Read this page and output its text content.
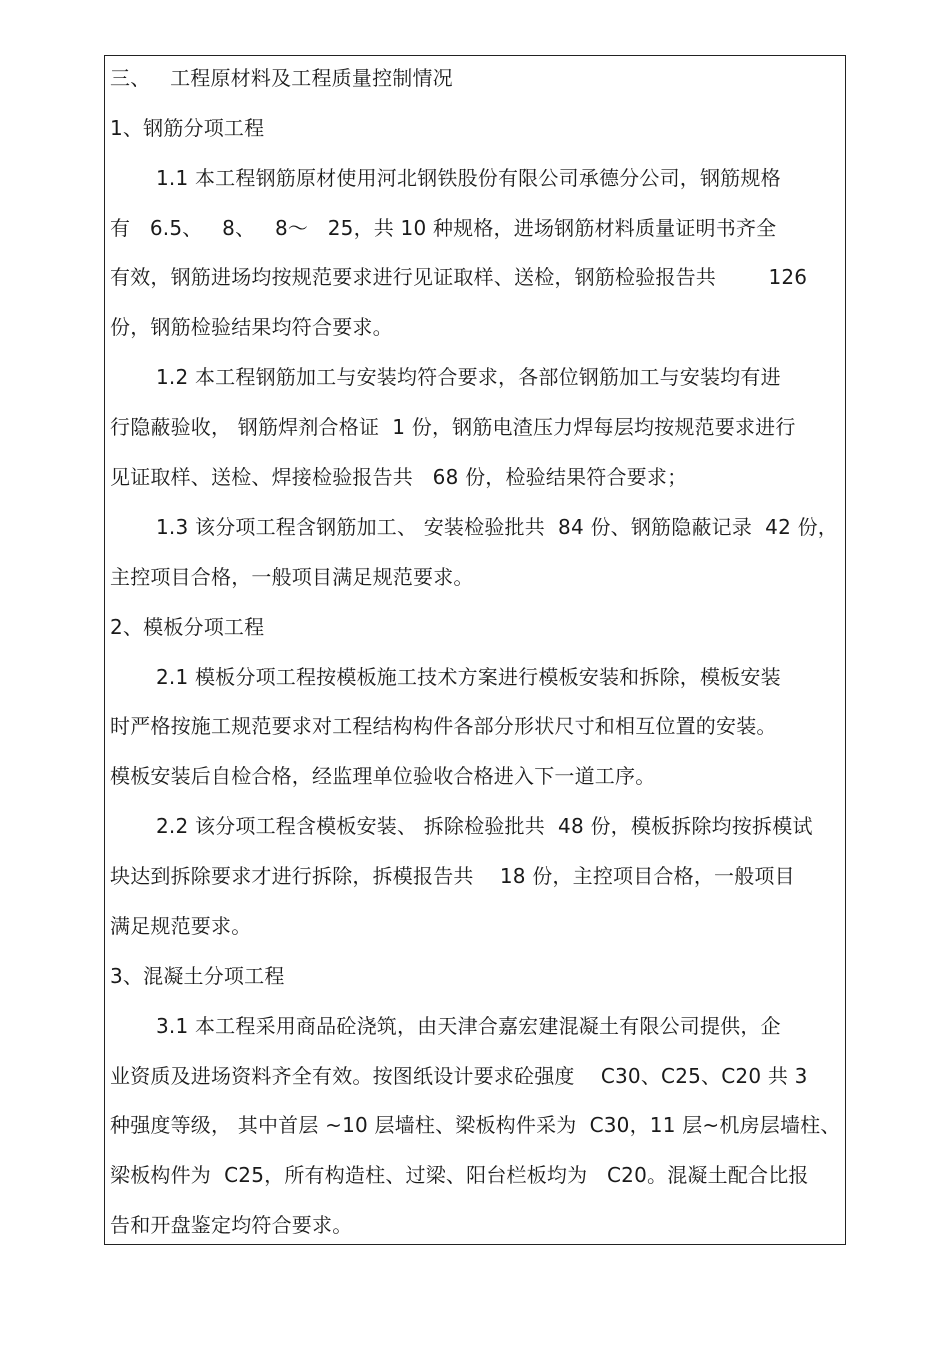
三、   工程原材料及工程质量控制情况
1、钢筋分项工程
1.1 本工程钢筋原材使用河北钢铁股份有限公司承德分公司，钢筋规格
有   6.5、   8、   8～   25，共 10 种规格，进场钢筋材料质量证明书齐全
有效，钢筋进场均按规范要求进行见证取样、送检，钢筋检验报告共        126
份，钢筋检验结果均符合要求。
1.2 本工程钢筋加工与安装均符合要求，各部位钢筋加工与安装均有进
行隐蔽验收， 钢筋焊剂合格证  1 份，钢筋电渣压力焊每层均按规范要求进行
见证取样、送检、焊接检验报告共   68 份，检验结果符合要求；
1.3 该分项工程含钢筋加工、 安装检验批共  84 份、钢筋隐蔽记录  42 份，
主控项目合格，一般项目满足规范要求。
2、模板分项工程
2.1 模板分项工程按模板施工技术方案进行模板安装和拆除，模板安装
时严格按施工规范要求对工程结构构件各部分形状尺寸和相互位置的安装。
模板安装后自检合格，经监理单位验收合格进入下一道工序。
2.2 该分项工程含模板安装、 拆除检验批共  48 份，模板拆除均按拆模试
块达到拆除要求才进行拆除，拆模报告共    18 份，主控项目合格，一般项目
满足规范要求。
3、混凝土分项工程
3.1 本工程采用商品砼浇筑，由天津合嘉宏建混凝土有限公司提供，企
业资质及进场资料齐全有效。按图纸设计要求砼强度    C30、C25、C20 共 3
种强度等级， 其中首层 ~10 层墙柱、梁板构件采为  C30，11 层~机房层墙柱、
梁板构件为  C25，所有构造柱、过梁、阳台栏板均为   C20。混凝土配合比报
告和开盘鉴定均符合要求。
